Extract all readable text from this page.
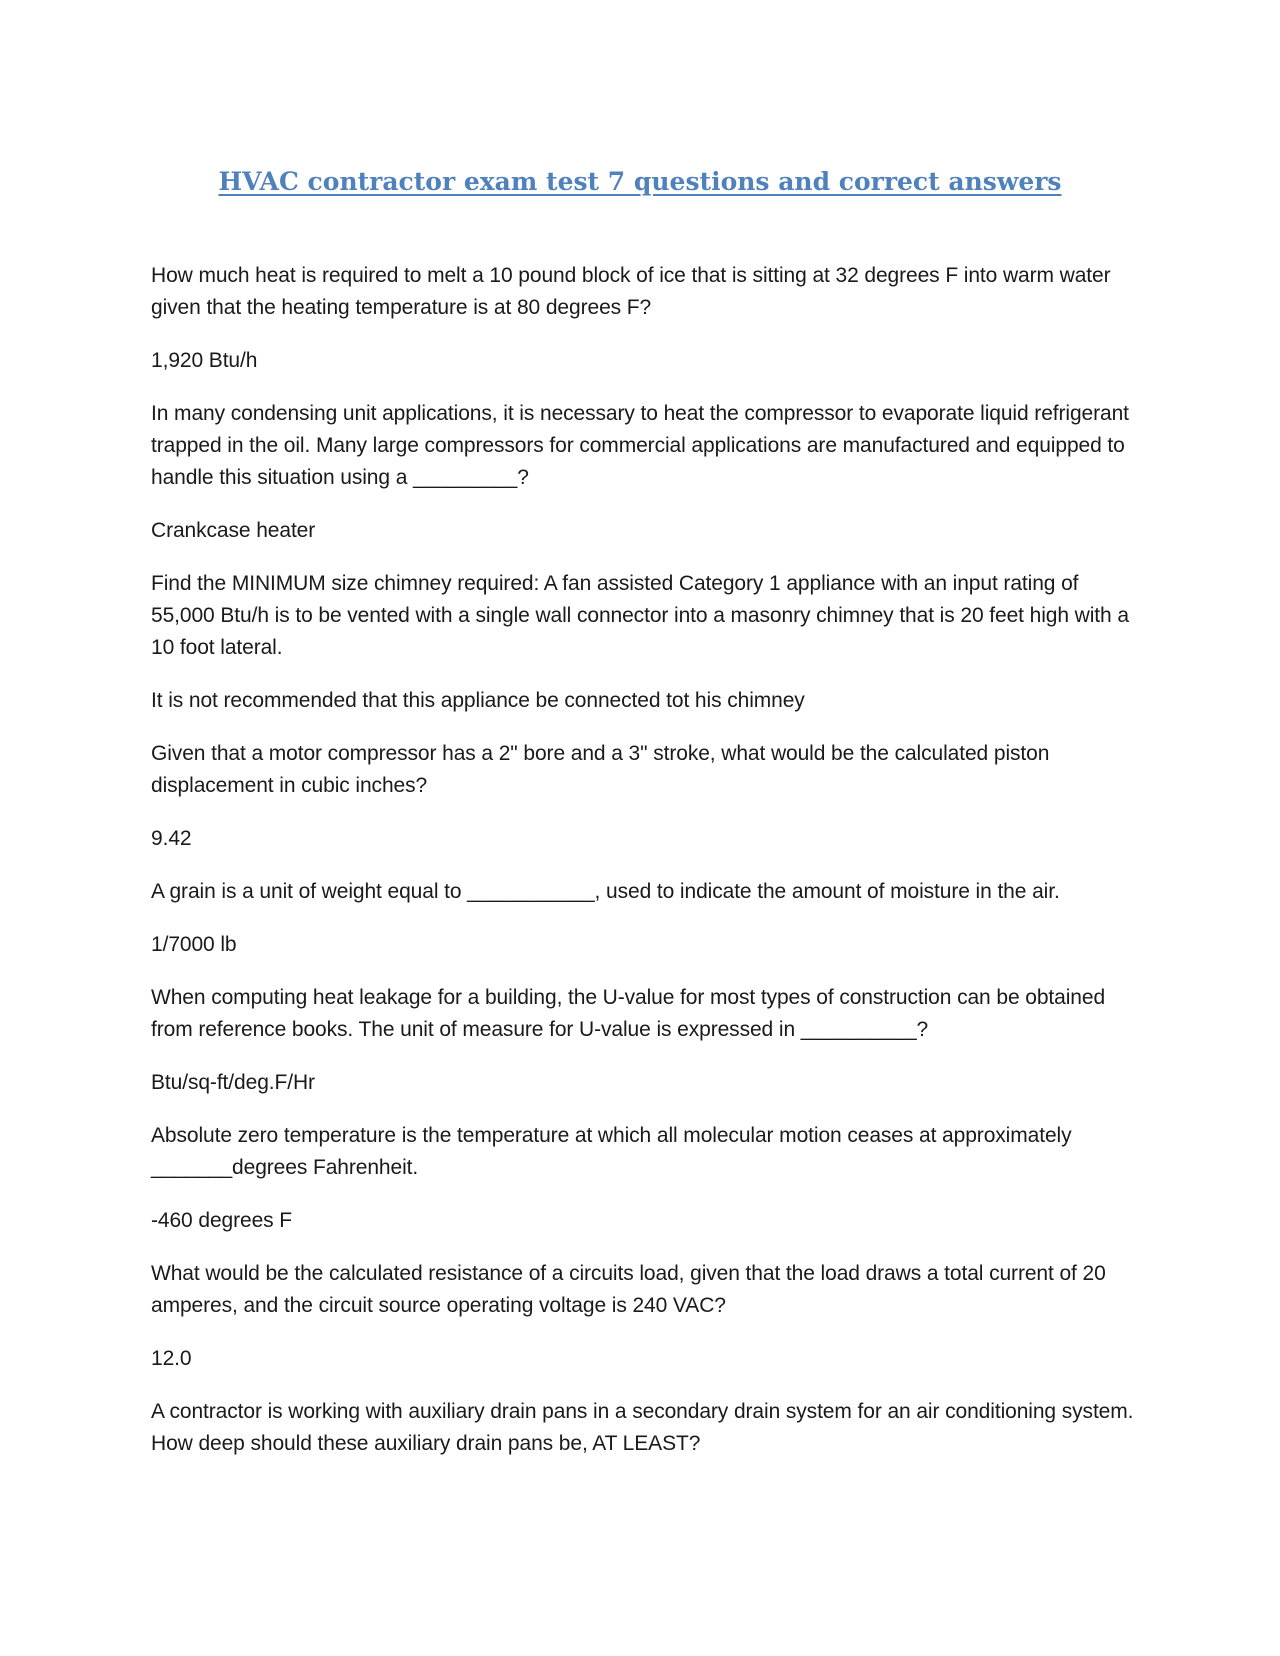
HVAC contractor exam test 7 questions and correct answers

How much heat is required to melt a 10 pound block of ice that is sitting at 32 degrees F into warm water given that the heating temperature is at 80 degrees F?

1,920 Btu/h

In many condensing unit applications, it is necessary to heat the compressor to evaporate liquid refrigerant trapped in the oil. Many large compressors for commercial applications are manufactured and equipped to handle this situation using a _________?

Crankcase heater

Find the MINIMUM size chimney required: A fan assisted Category 1 appliance with an input rating of 55,000 Btu/h is to be vented with a single wall connector into a masonry chimney that is 20 feet high with a 10 foot lateral.

It is not recommended that this appliance be connected tot his chimney

Given that a motor compressor has a 2" bore and a 3" stroke, what would be the calculated piston displacement in cubic inches?

9.42

A grain is a unit of weight equal to ___________, used to indicate the amount of moisture in the air.

1/7000 lb

When computing heat leakage for a building, the U-value for most types of construction can be obtained from reference books. The unit of measure for U-value is expressed in __________?

Btu/sq-ft/deg.F/Hr

Absolute zero temperature is the temperature at which all molecular motion ceases at approximately _______degrees Fahrenheit.

-460 degrees F

What would be the calculated resistance of a circuits load, given that the load draws a total current of 20 amperes, and the circuit source operating voltage is 240 VAC?

12.0

A contractor is working with auxiliary drain pans in a secondary drain system for an air conditioning system. How deep should these auxiliary drain pans be, AT LEAST?
